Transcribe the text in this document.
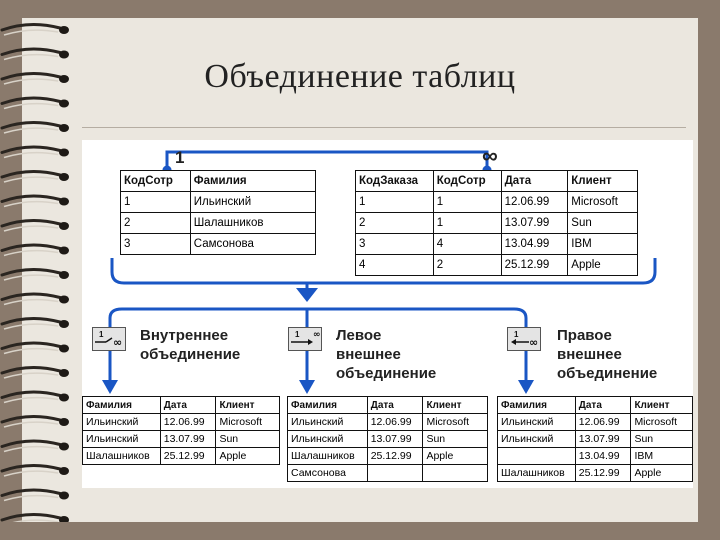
Объединение таблиц
1	∞
КодСотр	Фамилия
1	Ильинский
2	Шалашников
3	Самсонова
КодЗаказа	КодСотр	Дата	Клиент
1	1	12.06.99	Microsoft
2	1	13.07.99	Sun
3	4	13.04.99	IBM
4	2	25.12.99	Apple
1
∞
1 ∞	1
∞
Внутреннее
объединение
Левое
внешнее
объединение
Правое
внешнее
объединение
Фамилия	Дата	Клиент
Ильинский	12.06.99	Microsoft
Ильинский	13.07.99	Sun
Шалашников	25.12.99	Apple
Фамилия	Дата	Клиент
Ильинский	12.06.99	Microsoft
Ильинский	13.07.99	Sun
Шалашников	25.12.99	Apple
Самсонова		
Фамилия	Дата	Клиент
Ильинский	12.06.99	Microsoft
Ильинский	13.07.99	Sun
	13.04.99	IBM
Шалашников	25.12.99	Apple
